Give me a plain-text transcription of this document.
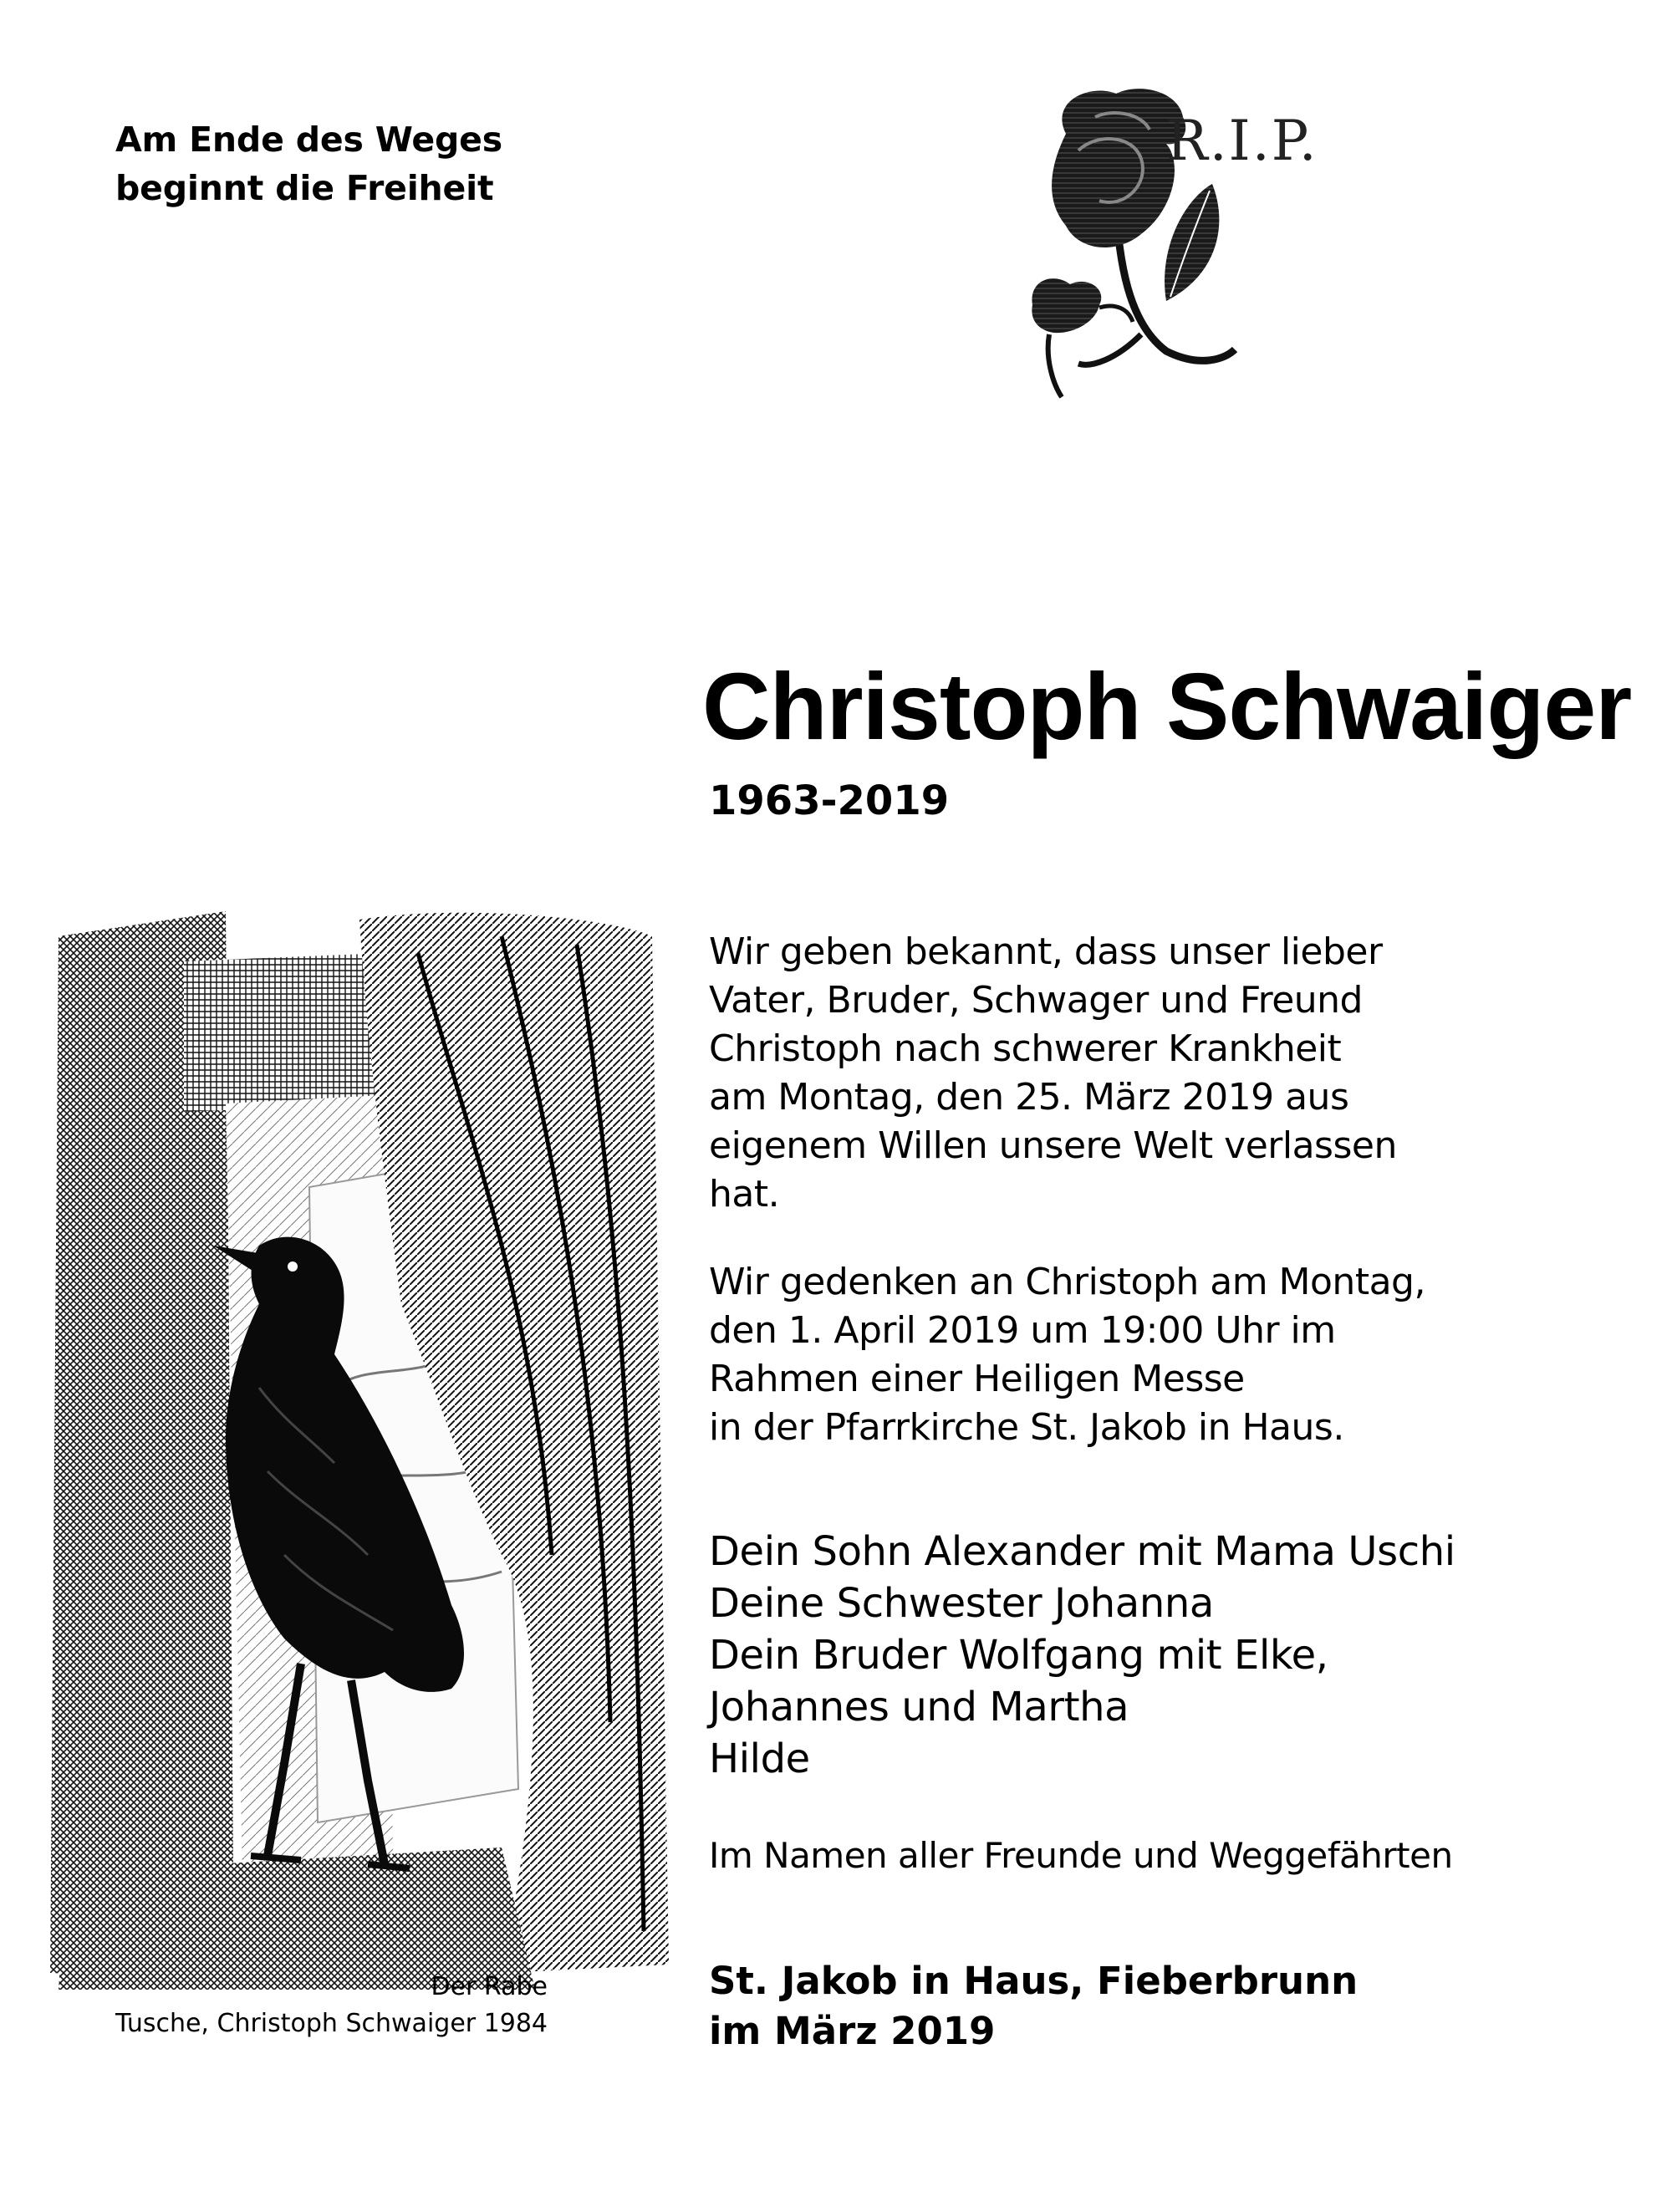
Am Ende des Weges
beginnt die Freiheit
R.I.P.
Christoph Schwaiger
1963-2019
Wir geben bekannt, dass unser lieber
Vater, Bruder, Schwager und Freund
Christoph nach schwerer Krankheit
am Montag, den 25. März 2019 aus
eigenem Willen unsere Welt verlassen
hat.
Wir gedenken an Christoph am Montag,
den 1. April 2019 um 19:00 Uhr im
Rahmen einer Heiligen Messe
in der Pfarrkirche St. Jakob in Haus.
Dein Sohn Alexander mit Mama Uschi
Deine Schwester Johanna
Dein Bruder Wolfgang mit Elke,
Johannes und Martha
Hilde
Im Namen aller Freunde und Weggefährten
St. Jakob in Haus, Fieberbrunn
im März 2019
Der Rabe
Tusche, Christoph Schwaiger 1984
